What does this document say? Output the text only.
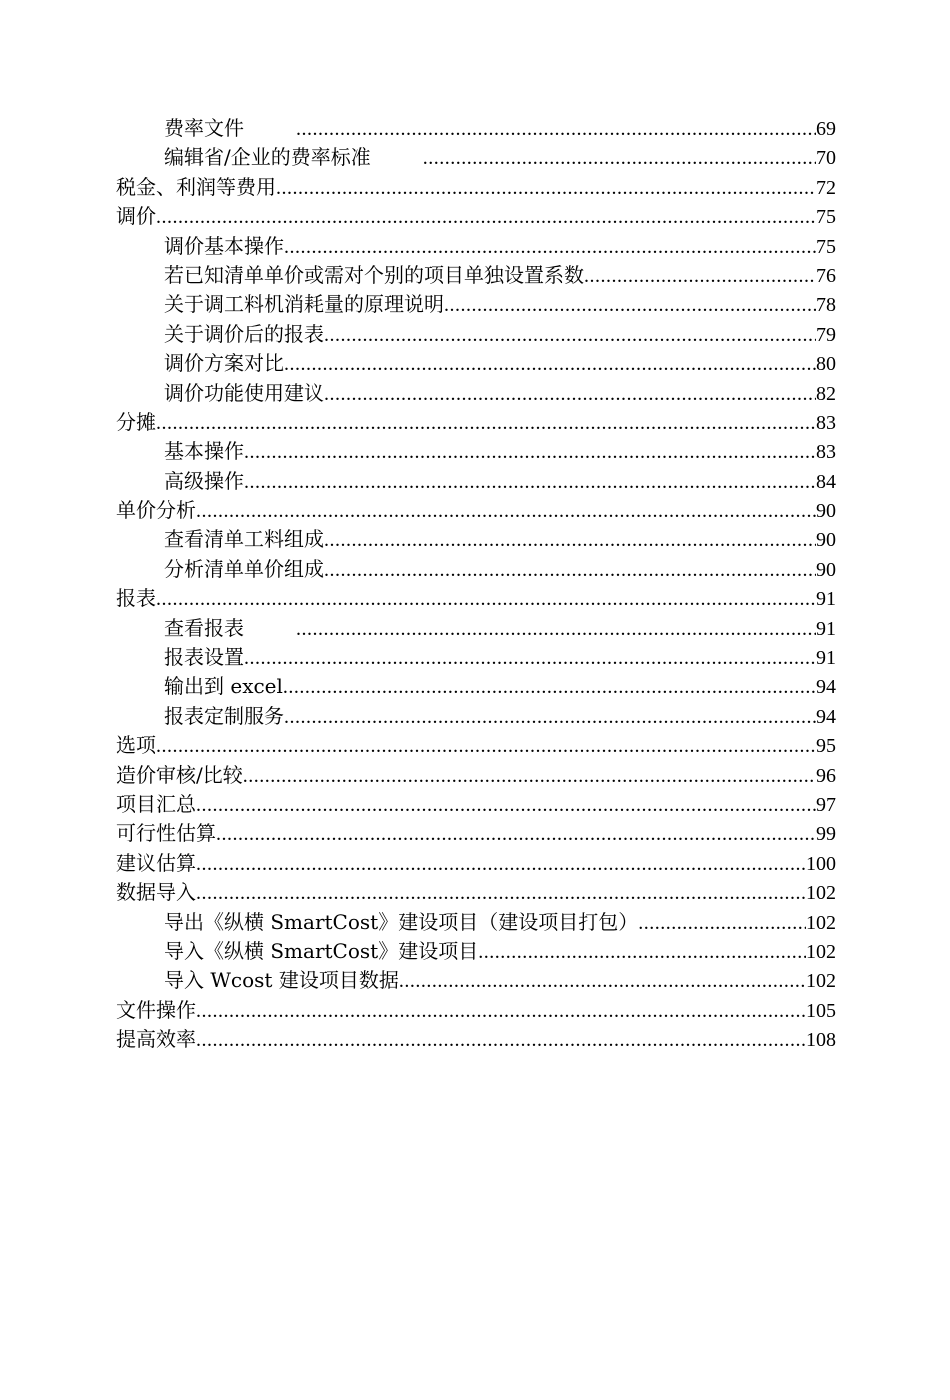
费率文件 .....	69
编辑省/企业的费率标准 .....	70
税金、利润等费用 .....	72
调价 .....	75
调价基本操作 .....	75
若已知清单单价或需对个别的项目单独设置系数 .....	76
关于调工料机消耗量的原理说明 .....	78
关于调价后的报表 .....	79
调价方案对比 .....	80
调价功能使用建议 .....	82
分摊 .....	83
基本操作 .....	83
高级操作 .....	84
单价分析 .....	90
查看清单工料组成 .....	90
分析清单单价组成 .....	90
报表 .....	91
查看报表 .....	91
报表设置 .....	91
输出到 excel .....	94
报表定制服务 .....	94
选项 .....	95
造价审核/比较 .....	96
项目汇总 .....	97
可行性估算 .....	99
建议估算 .....	100
数据导入 .....	102
导出《纵横 SmartCost》建设项目（建设项目打包） .....	102
导入《纵横 SmartCost》建设项目 .....	102
导入 Wcost 建设项目数据 .....	102
文件操作 .....	105
提高效率 .....	108
